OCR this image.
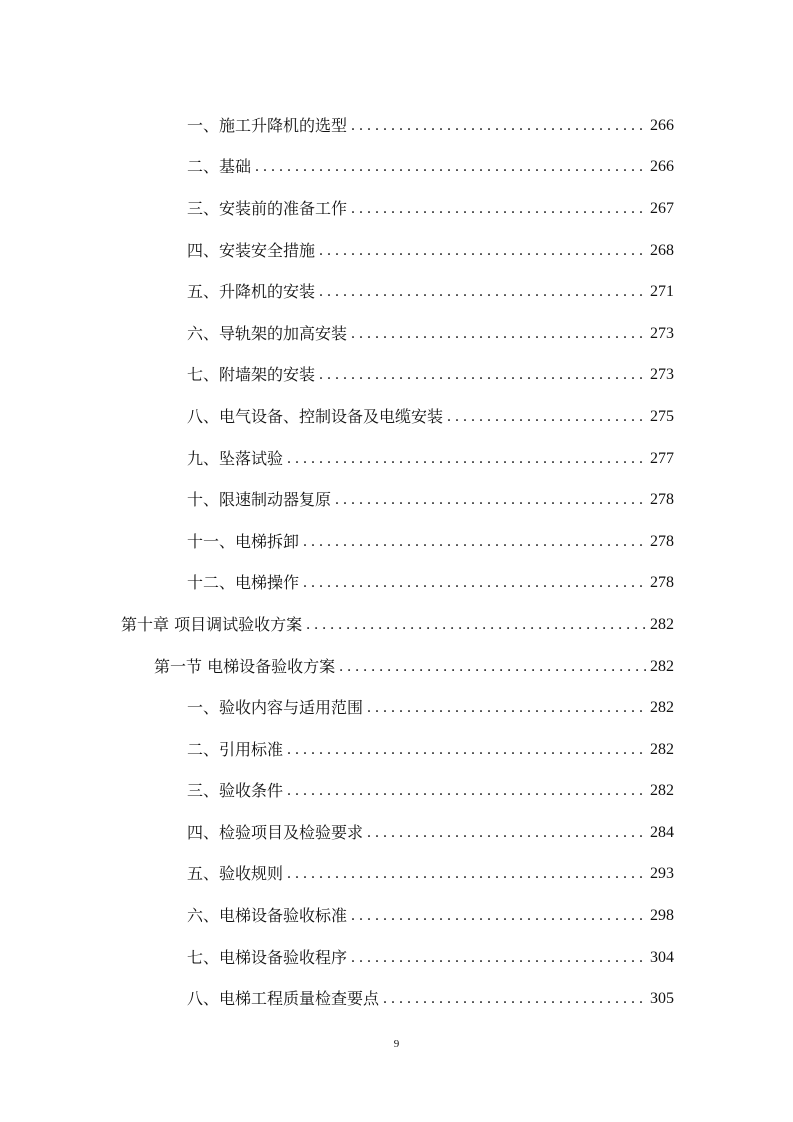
一、施工升降机的选型 . . .	266
二、基础 . . .	266
三、安装前的准备工作 . . .	267
四、安装安全措施 . . .	268
五、升降机的安装 . . .	271
六、导轨架的加高安装 . . .	273
七、附墙架的安装 . . .	273
八、电气设备、控制设备及电缆安装 . . .	275
九、坠落试验 . . .	277
十、限速制动器复原 . . .	278
十一、电梯拆卸 . . .	278
十二、电梯操作 . . .	278
第十章 项目调试验收方案 . . .	282
第一节 电梯设备验收方案 . . .	282
一、验收内容与适用范围 . . .	282
二、引用标准 . . .	282
三、验收条件 . . .	282
四、检验项目及检验要求 . . .	284
五、验收规则 . . .	293
六、电梯设备验收标准 . . .	298
七、电梯设备验收程序 . . .	304
八、电梯工程质量检查要点 . . .	305
9
